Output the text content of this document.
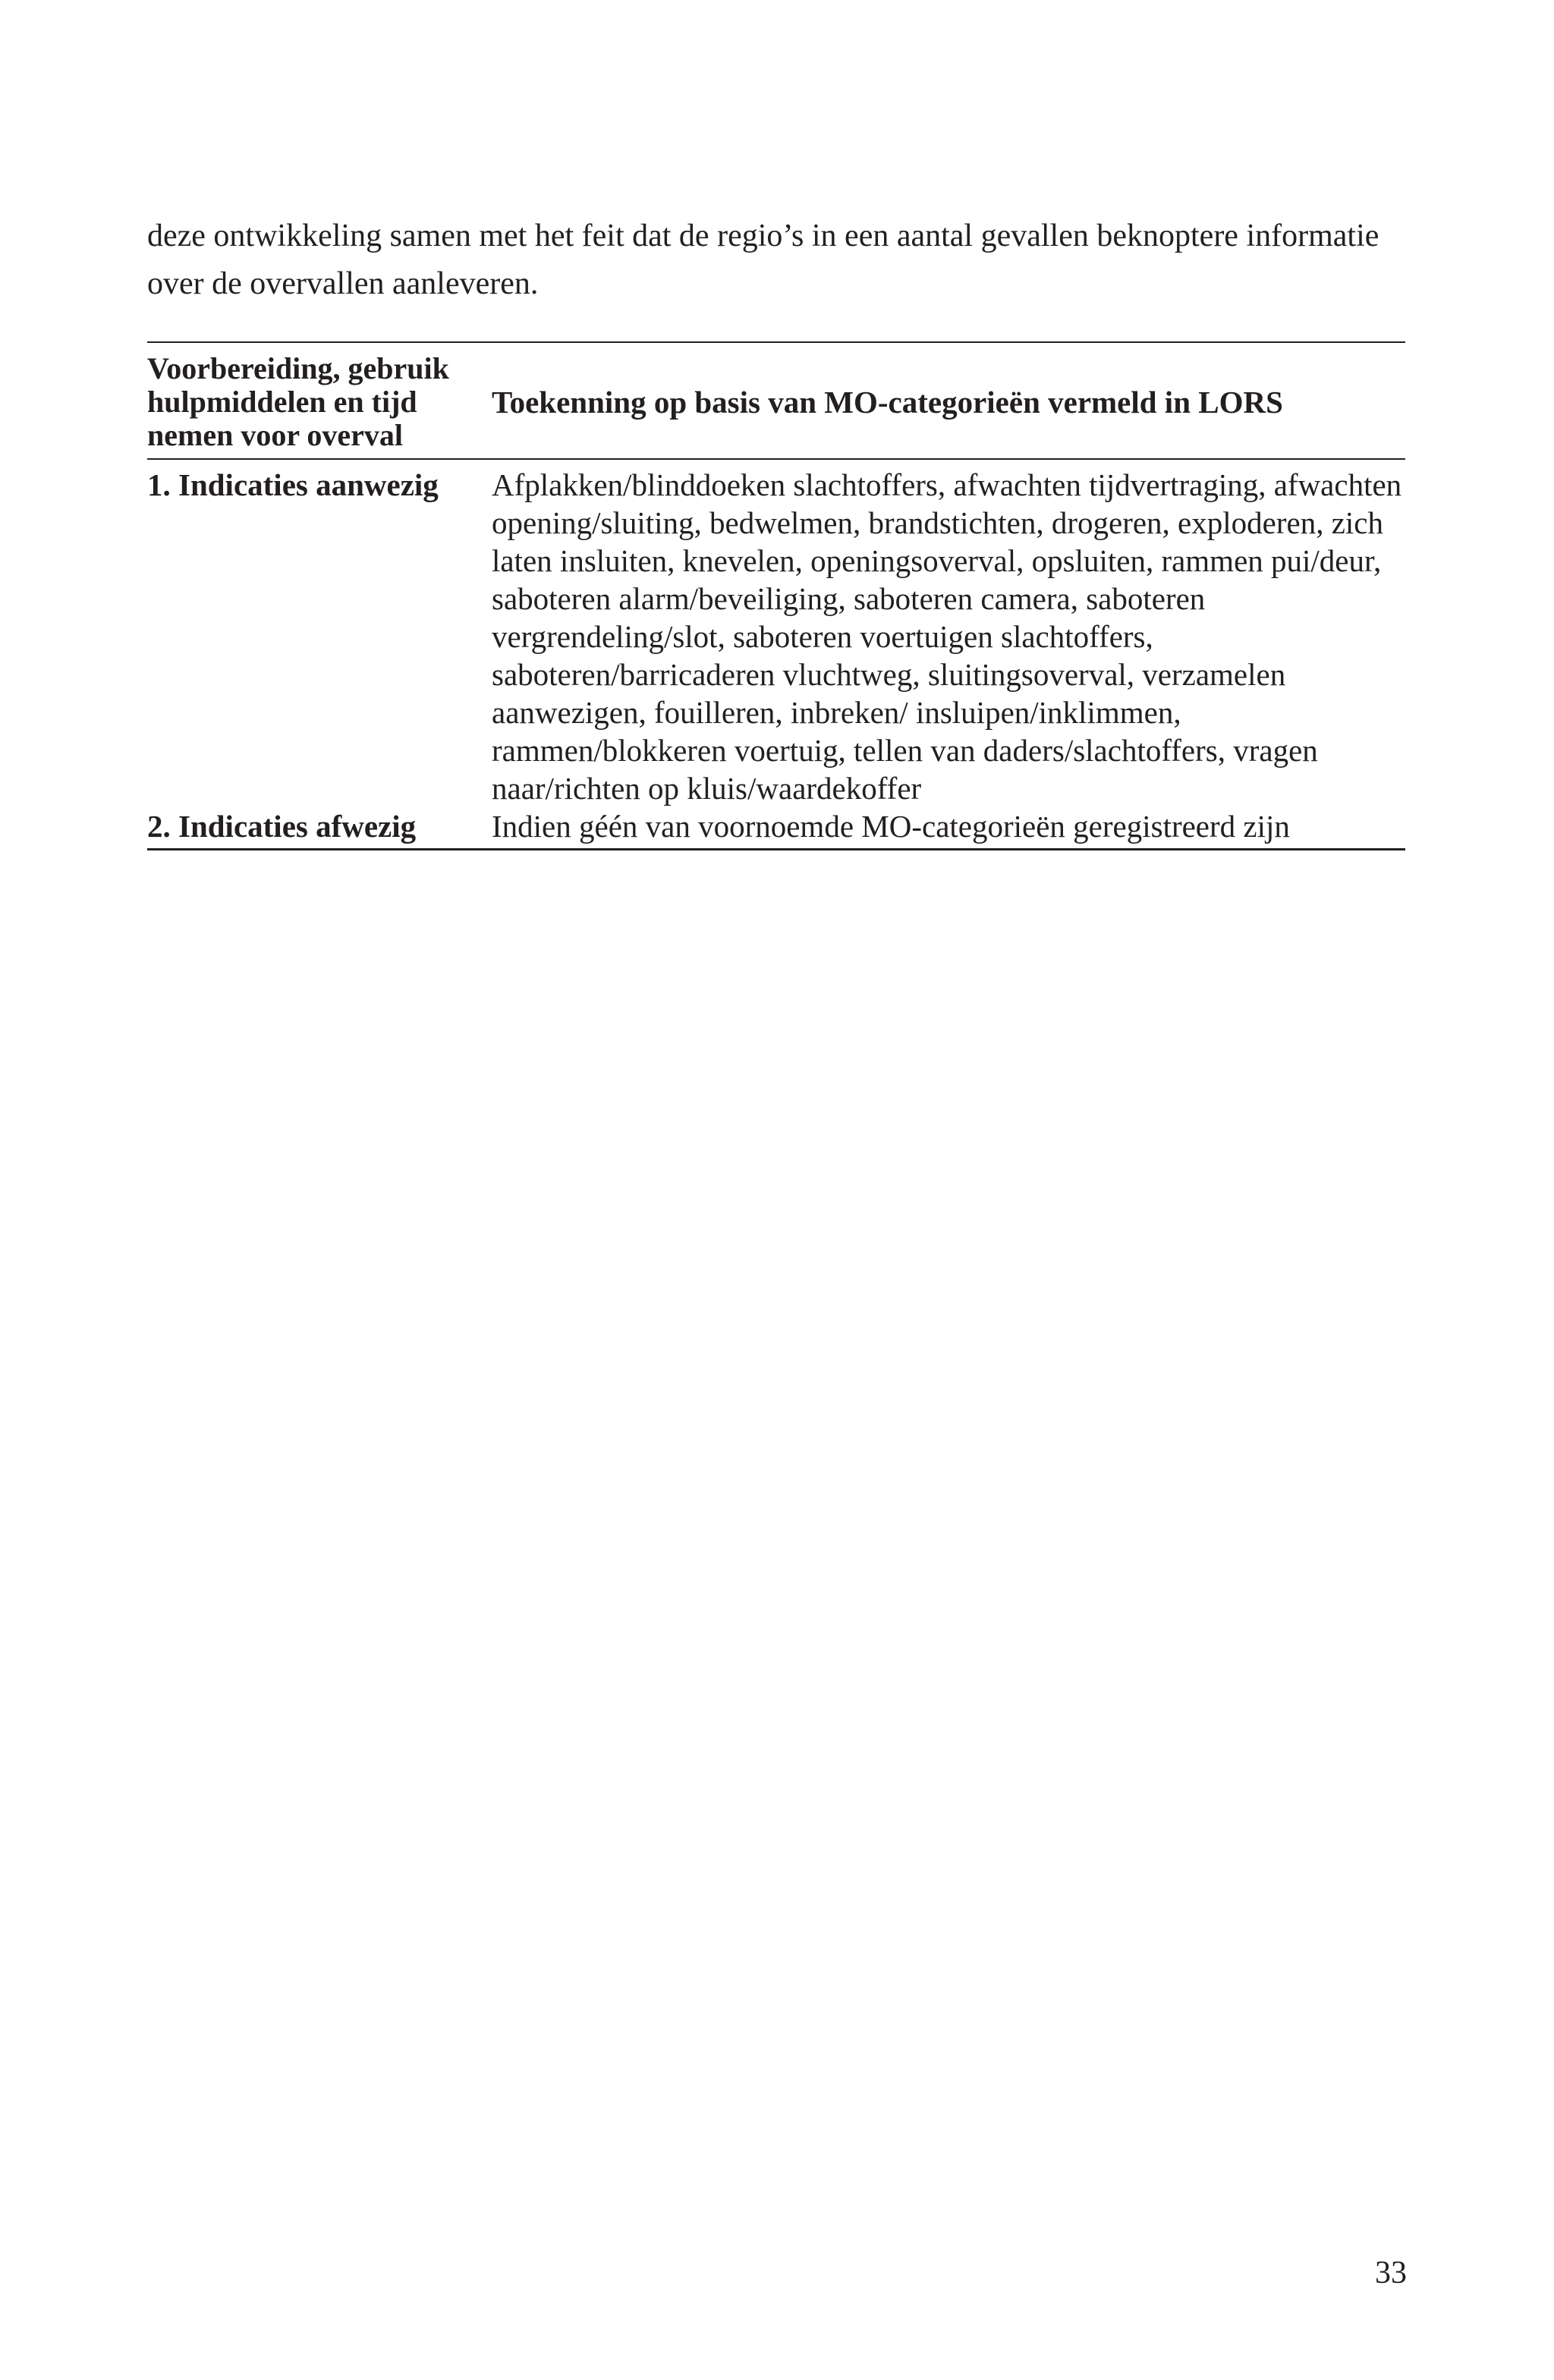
deze ontwikkeling samen met het feit dat de regio’s in een aantal gevallen beknoptere informatie over de overvallen aanleveren.

Voorbereiding, gebruik hulpmiddelen en tijd nemen voor overval	Toekenning op basis van MO-categorieën vermeld in LORS
1. Indicaties aanwezig	Afplakken/blinddoeken slachtoffers, afwachten tijdvertraging, afwachten opening/sluiting, bedwelmen, brandstichten, drogeren, exploderen, zich laten insluiten, knevelen, openingsoverval, opsluiten, rammen pui/deur, saboteren alarm/beveiliging, saboteren camera, saboteren vergrendeling/slot, saboteren voertuigen slachtoffers, saboteren/barricaderen vluchtweg, sluitingsoverval, verzamelen aanwezigen, fouilleren, inbreken/ insluipen/inklimmen, rammen/blokkeren voertuig, tellen van daders/slachtoffers, vragen naar/richten op kluis/waardekoffer
2. Indicaties afwezig	Indien géén van voornoemde MO-categorieën geregistreerd zijn
33
